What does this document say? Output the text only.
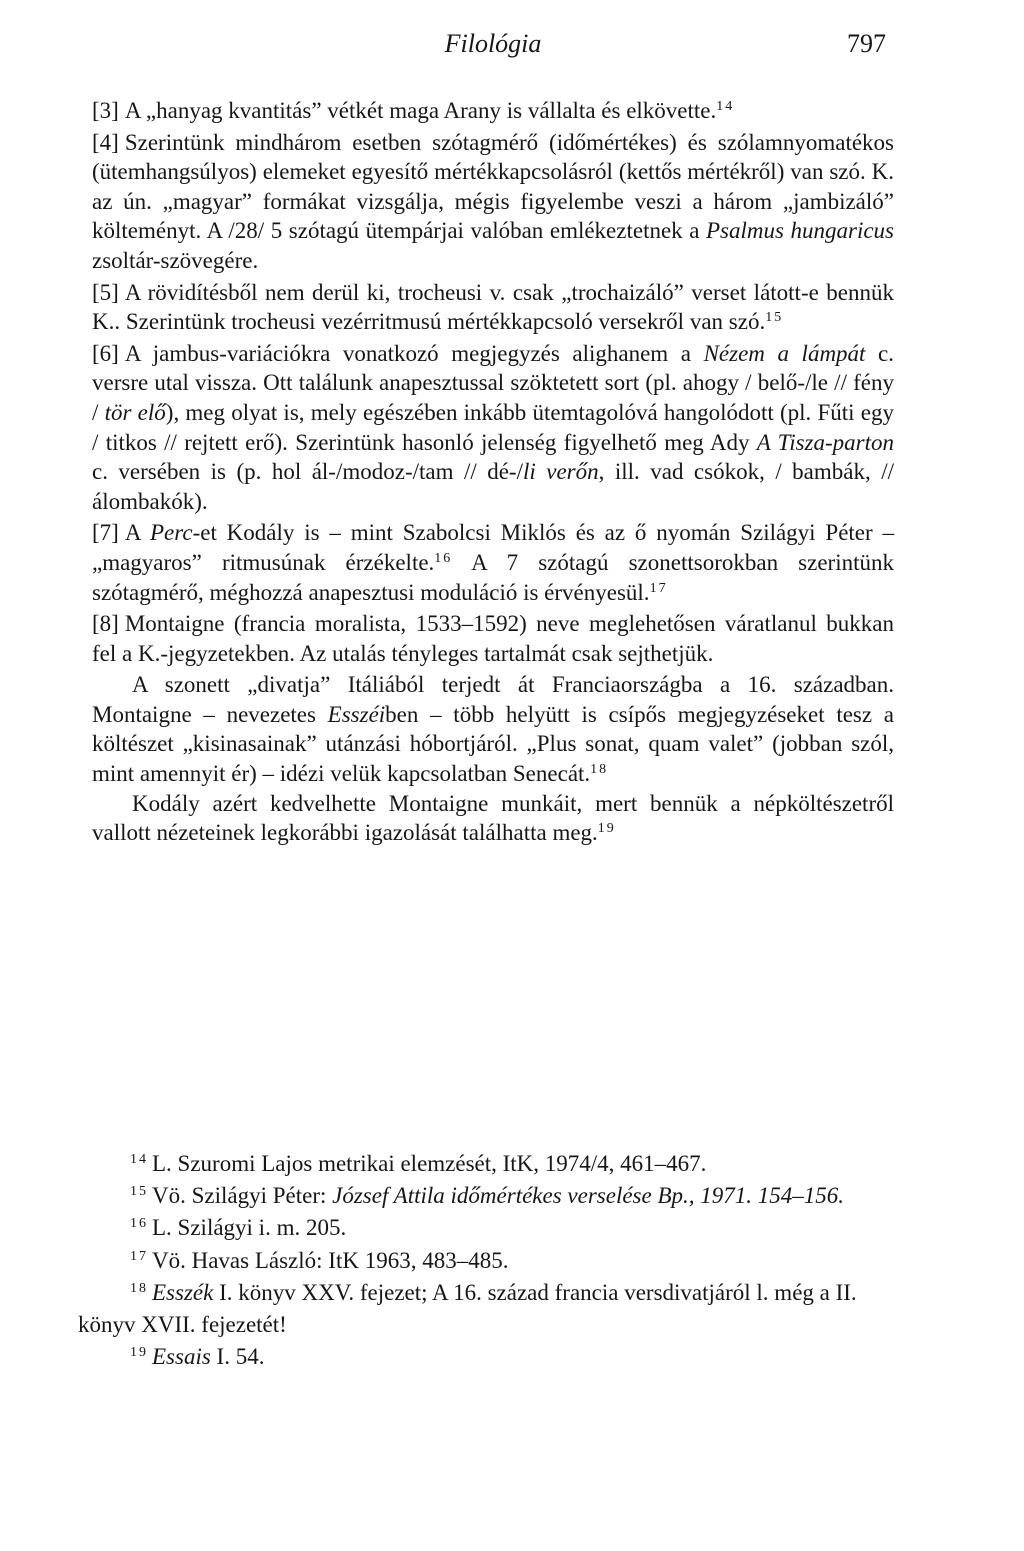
Filológia	797

[3] A „hanyag kvantitás” vétkét maga Arany is vállalta és elkövette.$^{14}$

[4] Szerintünk mindhárom esetben szótagmérő (időmértékes) és szólamnyomatékos (ütemhangsúlyos) elemeket egyesítő mértékkapcsolásról (kettős mértékről) van szó. K. az ún. „magyar” formákat vizsgálja, mégis figyelembe veszi a három „jambizáló” költeményt. A /28/ 5 szótagú ütempárjai valóban emlékeztetnek a Psalmus hungaricus zsoltár-szövegére.

[5] A rövidítésből nem derül ki, trocheusi v. csak „trochaizáló” verset látott-e bennük K.. Szerintünk trocheusi vezérritmusú mértékkapcsoló versekről van szó.$^{15}$

[6] A jambus-variációkra vonatkozó megjegyzés alighanem a Nézem a lámpát c. versre utal vissza. Ott találunk anapesztussal szöktetett sort (pl. ahogy / belő-/le // fény / tör elő), meg olyat is, mely egészében inkább ütemtagolóvá hangolódott (pl. Fűti egy / titkos // rejtett erő). Szerintünk hasonló jelenség figyelhető meg Ady A Tisza-parton c. versében is (p. hol ál-/modoz-/tam // dé-/li verőn, ill. vad csókok, / bambák, // álombakók).

[7] A Perc-et Kodály is – mint Szabolcsi Miklós és az ő nyomán Szilágyi Péter – „magyaros” ritmusúnak érzékelte.$^{16}$ A 7 szótagú szonettsorokban szerintünk szótagmérő, méghozzá anapesztusi moduláció is érvényesül.$^{17}$

[8] Montaigne (francia moralista, 1533–1592) neve meglehetősen váratlanul bukkan fel a K.-jegyzetekben. Az utalás tényleges tartalmát csak sejthetjük.

A szonett „divatja” Itáliából terjedt át Franciaországba a 16. században. Montaigne – nevezetes Esszéiben – több helyütt is csípős megjegyzéseket tesz a költészet „kisinasainak” utánzási hóbortjáról. „Plus sonat, quam valet” (jobban szól, mint amennyit ér) – idézi velük kapcsolatban Senecát.$^{18}$

Kodály azért kedvelhette Montaigne munkáit, mert bennük a népköltészetről vallott nézeteinek legkorábbi igazolását találhatta meg.$^{19}$

$^{14}$ L. Szuromi Lajos metrikai elemzését, ItK, 1974/4, 461–467.

$^{15}$ Vö. Szilágyi Péter: József Attila időmértékes verselése Bp., 1971. 154–156.

$^{16}$ L. Szilágyi i. m. 205.

$^{17}$ Vö. Havas László: ItK 1963, 483–485.

$^{18}$ Esszék I. könyv XXV. fejezet; A 16. század francia versdivatjáról l. még a II. könyv XVII. fejezetét!

$^{19}$ Essais I. 54.
